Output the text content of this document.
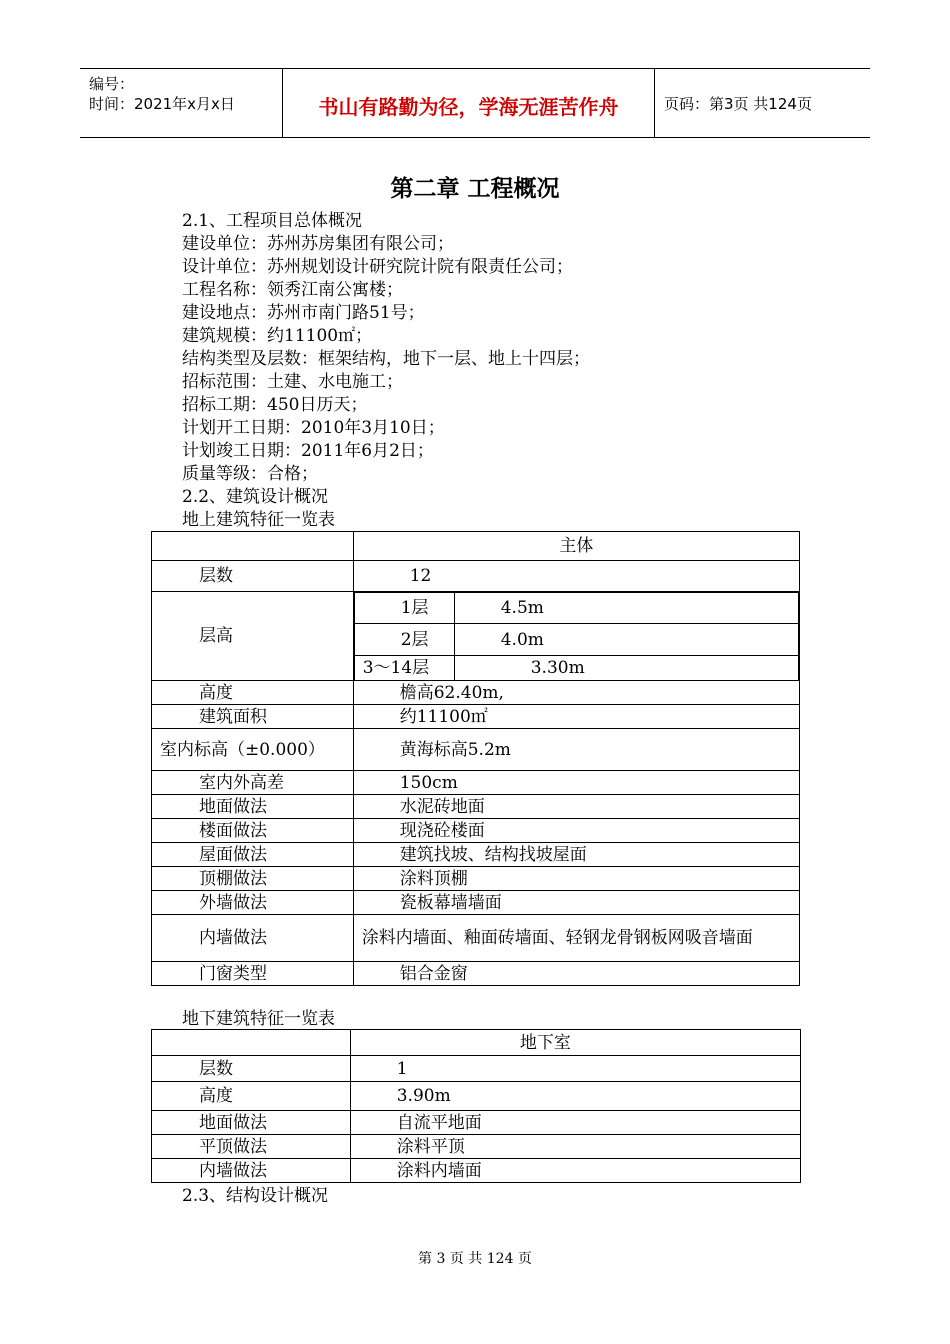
编号：
时间：2021年x月x日	书山有路勤为径，学海无涯苦作舟	页码：第3页 共124页
第二章 工程概况
2.1、工程项目总体概况
建设单位：苏州苏房集团有限公司；
设计单位：苏州规划设计研究院计院有限责任公司；
工程名称：领秀江南公寓楼；
建设地点：苏州市南门路51号；
建筑规模：约11100㎡；
结构类型及层数：框架结构，地下一层、地上十四层；
招标范围：土建、水电施工；
招标工期：450日历天；
计划开工日期：2010年3月10日；
计划竣工日期：2011年6月2日；
质量等级：合格；
2.2、建筑设计概况
地上建筑特征一览表
	主体
层数	12
层高	
1层	4.5m
2层	4.0m
3～14层	3.30m

高度	檐高62.40m,
建筑面积	约11100㎡
室内标高（±0.000）	黄海标高5.2m
室内外高差	150cm
地面做法	水泥砖地面
楼面做法	现浇砼楼面
屋面做法	建筑找坡、结构找坡屋面
顶棚做法	涂料顶棚
外墙做法	瓷板幕墙墙面
内墙做法	涂料内墙面、釉面砖墙面、轻钢龙骨钢板网吸音墙面
门窗类型	铝合金窗
地下建筑特征一览表
	地下室
层数	1
高度	3.90m
地面做法	自流平地面
平顶做法	涂料平顶
内墙做法	涂料内墙面
2.3、结构设计概况
第 3 页 共 124 页
